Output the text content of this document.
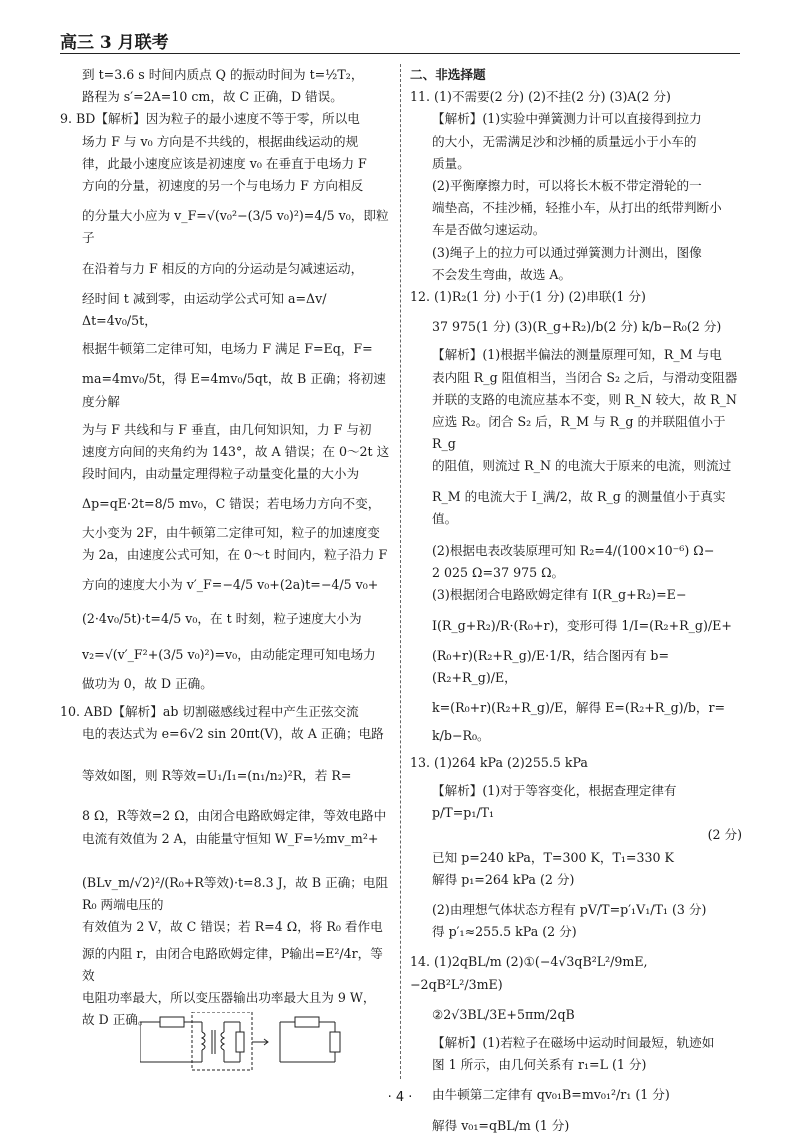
高三 3 月联考

到 t=3.6 s 时间内质点 Q 的振动时间为 t=½T₂，

路程为 s′=2A=10 cm，故 C 正确，D 错误。

9. BD【解析】因为粒子的最小速度不等于零，所以电

场力 F 与 v₀ 方向是不共线的，根据曲线运动的规

律，此最小速度应该是初速度 v₀ 在垂直于电场力 F

方向的分量，初速度的另一个与电场力 F 方向相反

的分量大小应为 v_F=√(v₀²−(3/5 v₀)²)=4/5 v₀，即粒子

在沿着与力 F 相反的方向的分运动是匀减速运动，

经时间 t 减到零，由运动学公式可知 a=Δv/Δt=4v₀/5t，

根据牛顿第二定律可知，电场力 F 满足 F=Eq，F=

ma=4mv₀/5t，得 E=4mv₀/5qt，故 B 正确；将初速度分解

为与 F 共线和与 F 垂直，由几何知识知，力 F 与初

速度方向间的夹角约为 143°，故 A 错误；在 0～2t 这

段时间内，由动量定理得粒子动量变化量的大小为

Δp=qE·2t=8/5 mv₀，C 错误；若电场力方向不变，

大小变为 2F，由牛顿第二定律可知，粒子的加速度变

为 2a，由速度公式可知，在 0～t 时间内，粒子沿力 F

方向的速度大小为 v′_F=−4/5 v₀+(2a)t=−4/5 v₀+

(2·4v₀/5t)·t=4/5 v₀，在 t 时刻，粒子速度大小为

v₂=√(v′_F²+(3/5 v₀)²)=v₀，由动能定理可知电场力

做功为 0，故 D 正确。

10. ABD【解析】ab 切割磁感线过程中产生正弦交流

电的表达式为 e=6√2 sin 20πt(V)，故 A 正确；电路

等效如图，则 R等效=U₁/I₁=(n₁/n₂)²R，若 R=

8 Ω，R等效=2 Ω，由闭合电路欧姆定律，等效电路中

电流有效值为 2 A，由能量守恒知 W_F=½mv_m²+

(BLv_m/√2)²/(R₀+R等效)·t=8.3 J，故 B 正确；电阻 R₀ 两端电压的

有效值为 2 V，故 C 错误；若 R=4 Ω，将 R₀ 看作电

源的内阻 r，由闭合电路欧姆定律，P输出=E²/4r，等效

电阻功率最大，所以变压器输出功率最大且为 9 W，

故 D 正确。

二、非选择题

11. (1)不需要(2 分) (2)不挂(2 分) (3)A(2 分)

【解析】(1)实验中弹簧测力计可以直接得到拉力

的大小，无需满足沙和沙桶的质量远小于小车的

质量。

(2)平衡摩擦力时，可以将长木板不带定滑轮的一

端垫高，不挂沙桶，轻推小车，从打出的纸带判断小

车是否做匀速运动。

(3)绳子上的拉力可以通过弹簧测力计测出，图像

不会发生弯曲，故选 A。

12. (1)R₂(1 分) 小于(1 分) (2)串联(1 分)

37 975(1 分) (3)(R_g+R₂)/b(2 分) k/b−R₀(2 分)

【解析】(1)根据半偏法的测量原理可知，R_M 与电

表内阻 R_g 阻值相当，当闭合 S₂ 之后，与滑动变阻器

并联的支路的电流应基本不变，则 R_N 较大，故 R_N

应选 R₂。闭合 S₂ 后，R_M 与 R_g 的并联阻值小于 R_g

的阻值，则流过 R_N 的电流大于原来的电流，则流过

R_M 的电流大于 I_满/2，故 R_g 的测量值小于真实值。

(2)根据电表改装原理可知 R₂=4/(100×10⁻⁶) Ω−

2 025 Ω=37 975 Ω。

(3)根据闭合电路欧姆定律有 I(R_g+R₂)=E−

I(R_g+R₂)/R·(R₀+r)，变形可得 1/I=(R₂+R_g)/E+

(R₀+r)(R₂+R_g)/E·1/R，结合图丙有 b=(R₂+R_g)/E，

k=(R₀+r)(R₂+R_g)/E，解得 E=(R₂+R_g)/b，r=

k/b−R₀。

13. (1)264 kPa (2)255.5 kPa

【解析】(1)对于等容变化，根据查理定律有 p/T=p₁/T₁

(2 分)

已知 p=240 kPa，T=300 K，T₁=330 K

解得 p₁=264 kPa (2 分)

(2)由理想气体状态方程有 pV/T=p′₁V₁/T₁ (3 分)

得 p′₁≈255.5 kPa (2 分)

14. (1)2qBL/m (2)①(−4√3qB²L²/9mE, −2qB²L²/3mE)

②2√3BL/3E+5πm/2qB

【解析】(1)若粒子在磁场中运动时间最短，轨迹如

图 1 所示，由几何关系有 r₁=L (1 分)

由牛顿第二定律有 qv₀₁B=mv₀₁²/r₁ (1 分)

解得 v₀₁=qBL/m (1 分)

· 4 ·
